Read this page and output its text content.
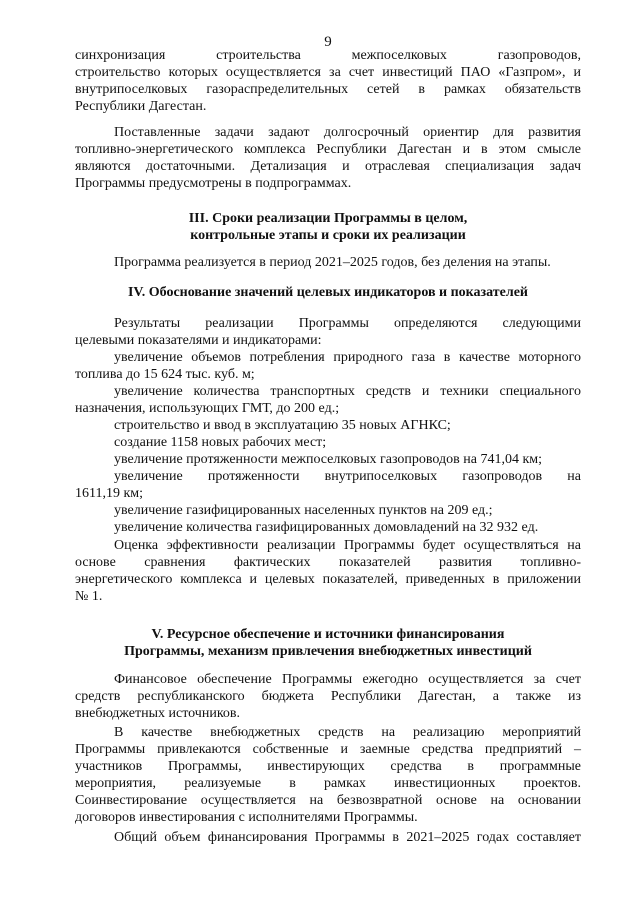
9
синхронизация строительства межпоселковых газопроводов,
строительство которых осуществляется за счет инвестиций ПАО «Газпром», и
внутрипоселковых газораспределительных сетей в рамках обязательств
Республики Дагестан.
Поставленные задачи задают долгосрочный ориентир для развития
топливно-энергетического комплекса Республики Дагестан и в этом смысле
являются достаточными. Детализация и отраслевая специализация задач
Программы предусмотрены в подпрограммах.
III. Сроки реализации Программы в целом,
контрольные этапы и сроки их реализации
Программа реализуется в период 2021–2025 годов, без деления на этапы.
IV. Обоснование значений целевых индикаторов и показателей
Результаты реализации Программы определяются следующими
целевыми показателями и индикаторами:
увеличение объемов потребления природного газа в качестве моторного
топлива до 15 624 тыс. куб. м;
увеличение количества транспортных средств и техники специального
назначения, использующих ГМТ, до 200 ед.;
строительство и ввод в эксплуатацию 35 новых АГНКС;
создание 1158 новых рабочих мест;
увеличение протяженности межпоселковых газопроводов на 741,04 км;
увеличение протяженности внутрипоселковых газопроводов на
1611,19 км;
увеличение газифицированных населенных пунктов на 209 ед.;
увеличение количества газифицированных домовладений на 32 932 ед.
Оценка эффективности реализации Программы будет осуществляться на
основе сравнения фактических показателей развития топливно-
энергетического комплекса и целевых показателей, приведенных в приложении
№ 1.
V. Ресурсное обеспечение и источники финансирования
Программы, механизм привлечения внебюджетных инвестиций
Финансовое обеспечение Программы ежегодно осуществляется за счет
средств республиканского бюджета Республики Дагестан, а также из
внебюджетных источников.
В качестве внебюджетных средств на реализацию мероприятий
Программы привлекаются собственные и заемные средства предприятий –
участников Программы, инвестирующих средства в программные
мероприятия, реализуемые в рамках инвестиционных проектов.
Соинвестирование осуществляется на безвозвратной основе на основании
договоров инвестирования с исполнителями Программы.
Общий объем финансирования Программы в 2021–2025 годах составляет
